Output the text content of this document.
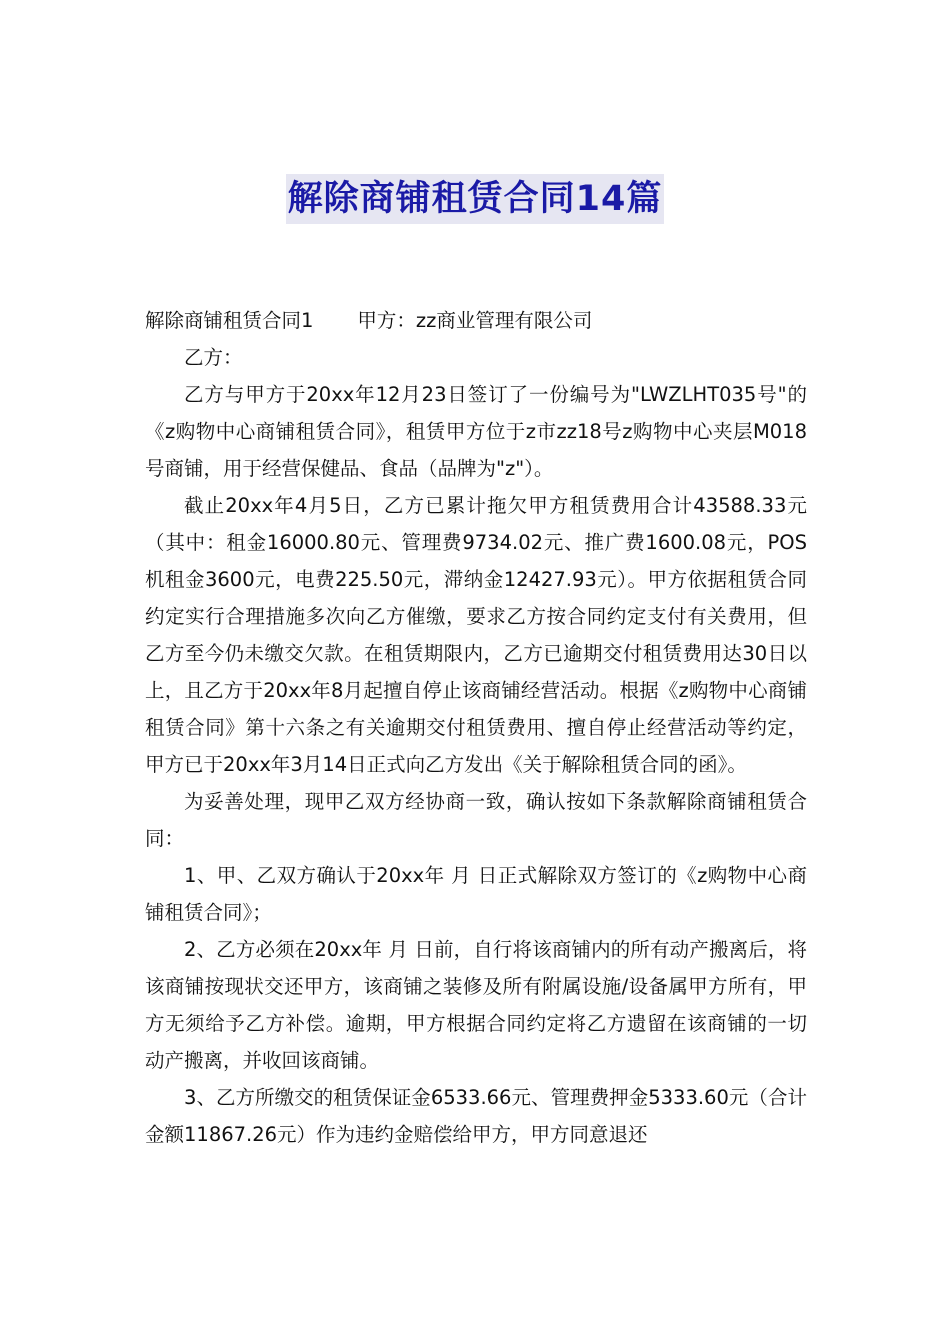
解除商铺租赁合同14篇

解除商铺租赁合同1 甲方：zz商业管理有限公司

乙方：

乙方与甲方于20xx年12月23日签订了一份编号为"LWZLHT035号"的《z购物中心商铺租赁合同》，租赁甲方位于z市zz18号z购物中心夹层M018号商铺，用于经营保健品、食品（品牌为"z"）。

截止20xx年4月5日，乙方已累计拖欠甲方租赁费用合计43588.33元（其中：租金16000.80元、管理费9734.02元、推广费1600.08元，POS机租金3600元，电费225.50元，滞纳金12427.93元）。甲方依据租赁合同约定实行合理措施多次向乙方催缴，要求乙方按合同约定支付有关费用，但乙方至今仍未缴交欠款。在租赁期限内，乙方已逾期交付租赁费用达30日以上，且乙方于20xx年8月起擅自停止该商铺经营活动。根据《z购物中心商铺租赁合同》第十六条之有关逾期交付租赁费用、擅自停止经营活动等约定，甲方已于20xx年3月14日正式向乙方发出《关于解除租赁合同的函》。

为妥善处理，现甲乙双方经协商一致，确认按如下条款解除商铺租赁合同：

1、甲、乙双方确认于20xx年 月 日正式解除双方签订的《z购物中心商铺租赁合同》；

2、乙方必须在20xx年 月 日前，自行将该商铺内的所有动产搬离后，将该商铺按现状交还甲方，该商铺之装修及所有附属设施/设备属甲方所有，甲方无须给予乙方补偿。逾期，甲方根据合同约定将乙方遗留在该商铺的一切动产搬离，并收回该商铺。

3、乙方所缴交的租赁保证金6533.66元、管理费押金5333.60元（合计金额11867.26元）作为违约金赔偿给甲方，甲方同意退还
